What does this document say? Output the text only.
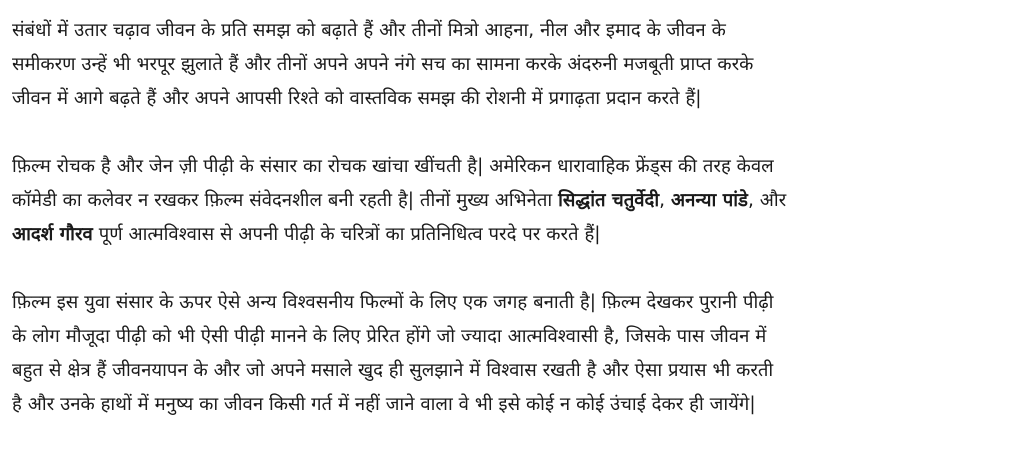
संबंधों में उतार चढ़ाव जीवन के प्रति समझ को बढ़ाते हैं और तीनों मित्रो आहना, नील और इमाद के जीवन के
समीकरण उन्हें भी भरपूर झुलाते हैं और तीनों अपने अपने नंगे सच का सामना करके अंदरुनी मजबूती प्राप्त करके
जीवन में आगे बढ़ते हैं और अपने आपसी रिश्ते को वास्तविक समझ की रोशनी में प्रगाढ़ता प्रदान करते हैं|

फ़िल्म रोचक है और जेन ज़ी पीढ़ी के संसार का रोचक खांचा खींचती है| अमेरिकन धारावाहिक फ्रेंड्स की तरह केवल
कॉमेडी का कलेवर न रखकर फ़िल्म संवेदनशील बनी रहती है| तीनों मुख्य अभिनेता सिद्धांत चतुर्वेदी, अनन्या पांडे, और
आदर्श गौरव पूर्ण आत्मविश्वास से अपनी पीढ़ी के चरित्रों का प्रतिनिधित्व परदे पर करते हैं|

फ़िल्म इस युवा संसार के ऊपर ऐसे अन्य विश्वसनीय फिल्मों के लिए एक जगह बनाती है| फ़िल्म देखकर पुरानी पीढ़ी
के लोग मौजूदा पीढ़ी को भी ऐसी पीढ़ी मानने के लिए प्रेरित होंगे जो ज्यादा आत्मविश्वासी है, जिसके पास जीवन में
बहुत से क्षेत्र हैं जीवनयापन के और जो अपने मसाले खुद ही सुलझाने में विश्वास रखती है और ऐसा प्रयास भी करती
है और उनके हाथों में मनुष्य का जीवन किसी गर्त में नहीं जाने वाला वे भी इसे कोई न कोई उंचाई देकर ही जायेंगे|
